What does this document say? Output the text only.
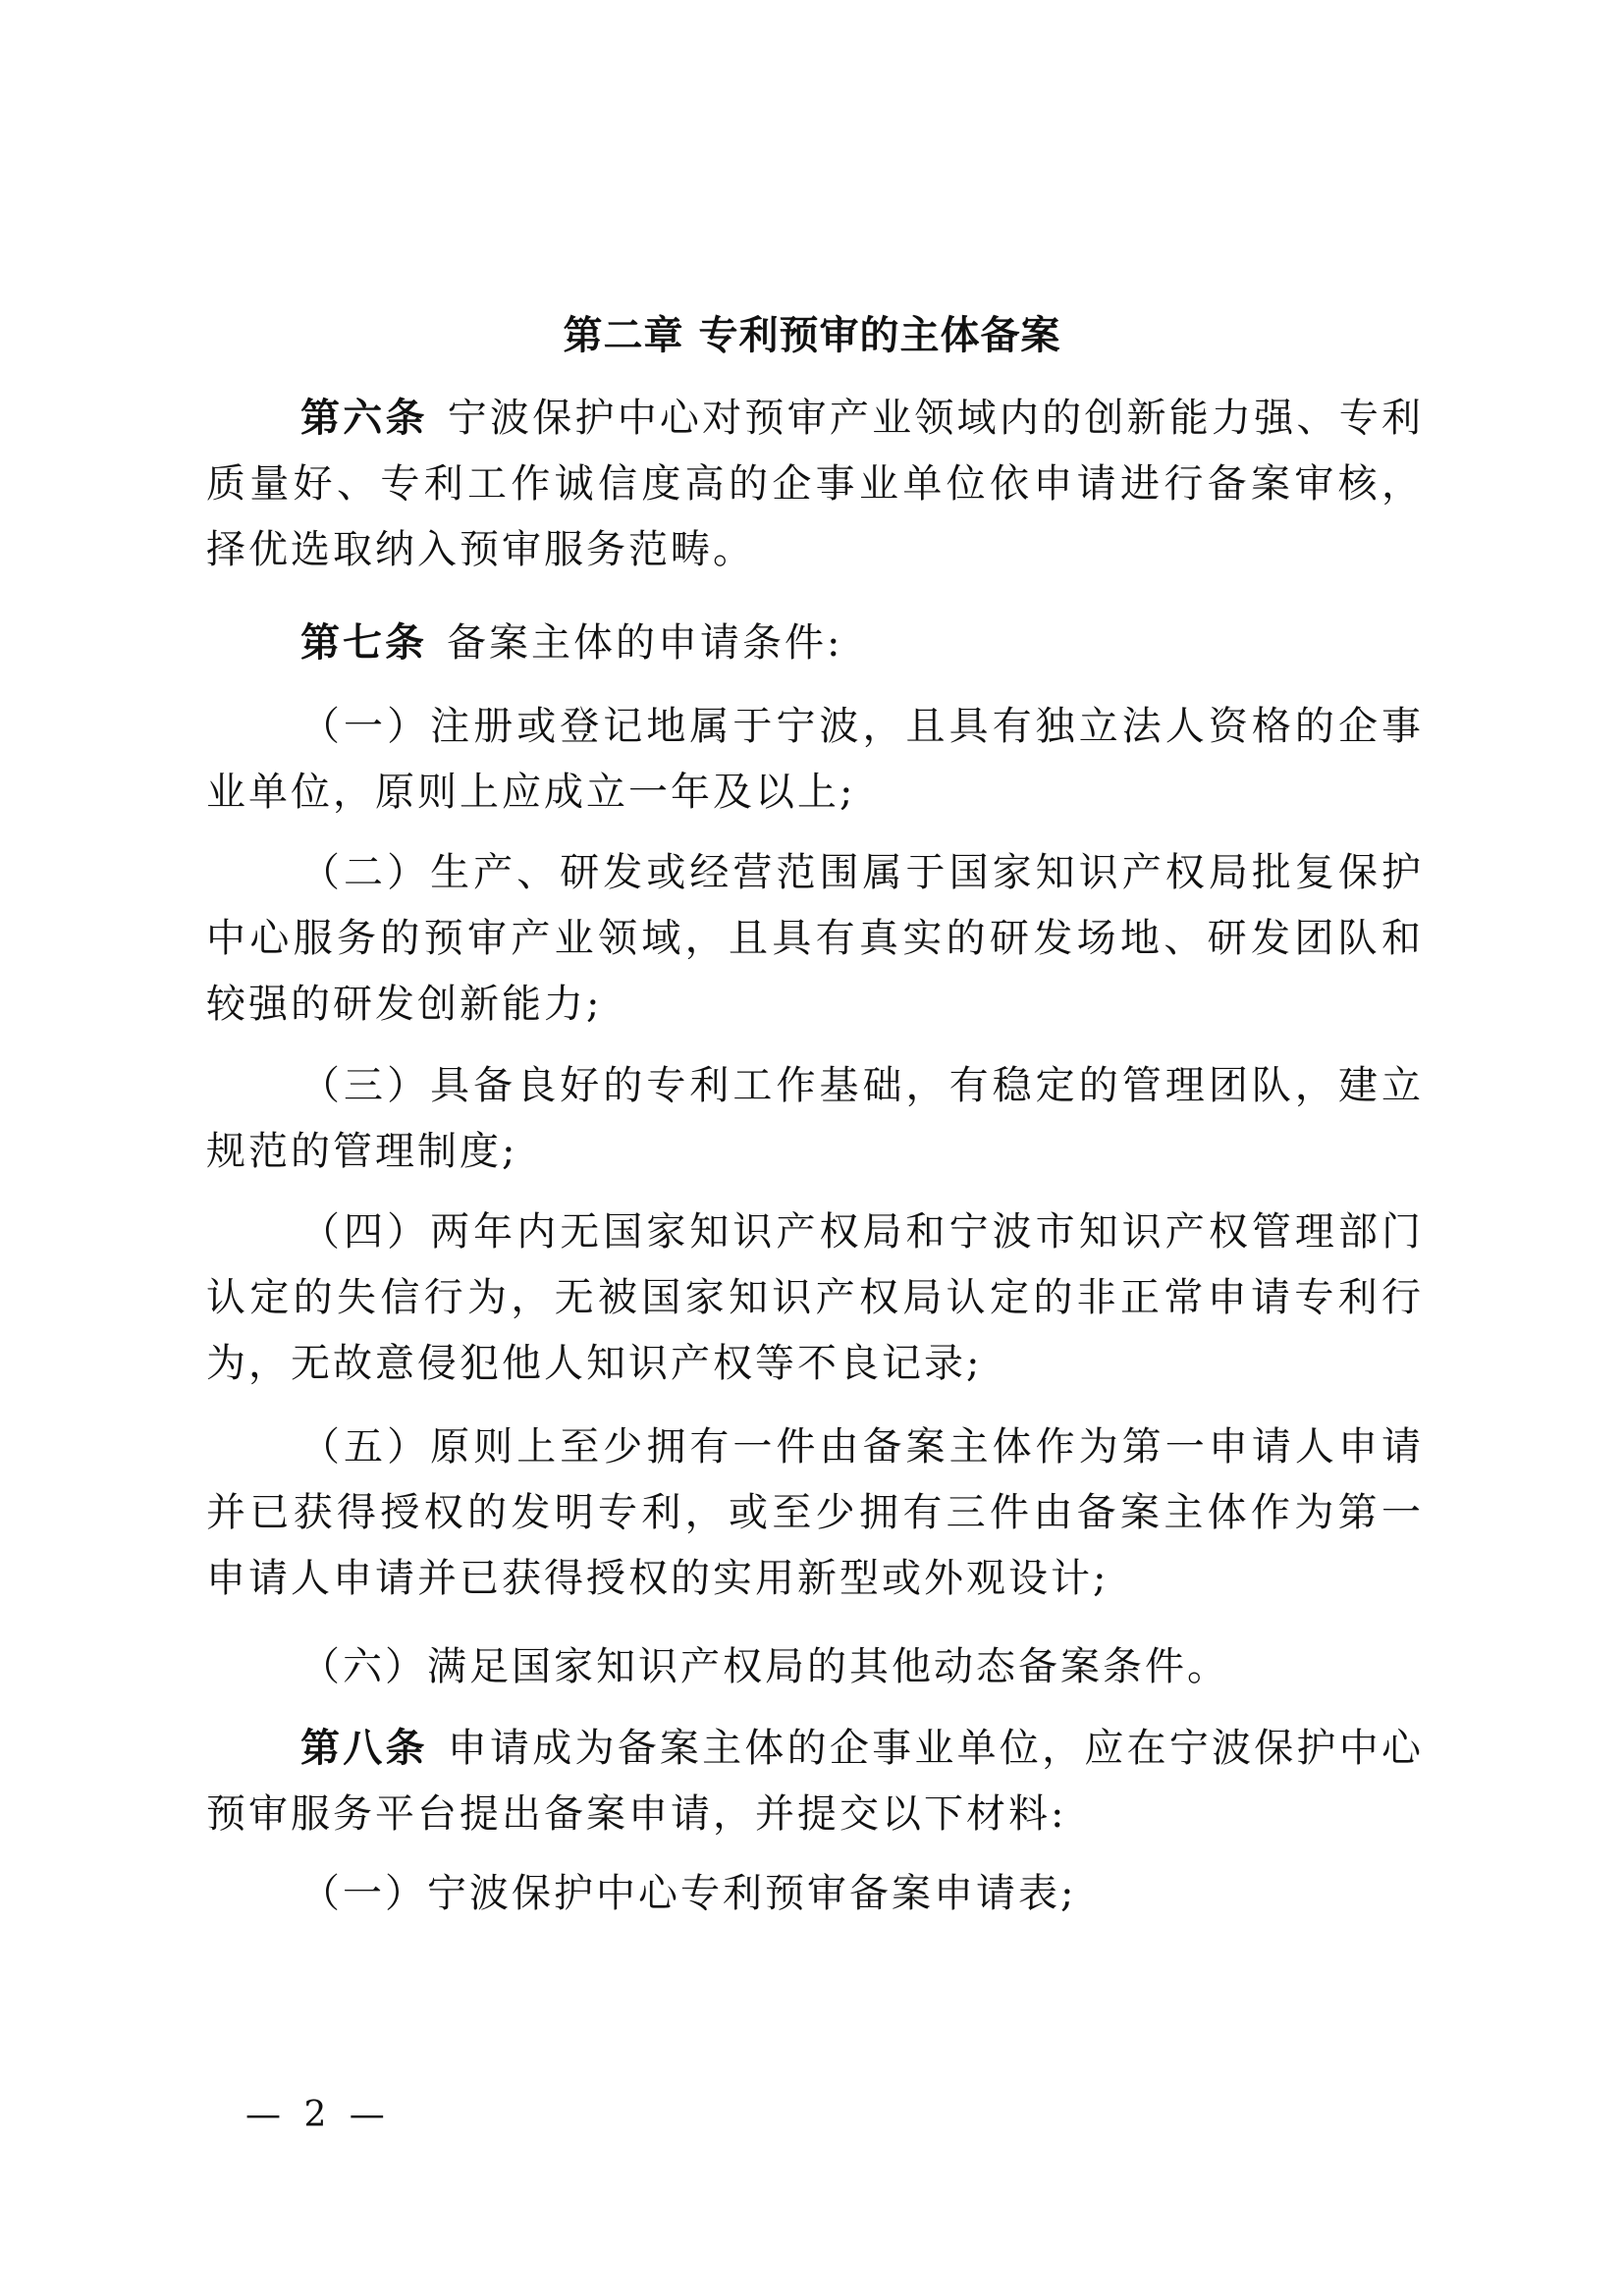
第二章 专利预审的主体备案

第六条 宁波保护中心对预审产业领域内的创新能力强、专利质量好、专利工作诚信度高的企事业单位依申请进行备案审核，择优选取纳入预审服务范畴。

第七条 备案主体的申请条件:

（一）注册或登记地属于宁波，且具有独立法人资格的企事业单位，原则上应成立一年及以上;

（二）生产、研发或经营范围属于国家知识产权局批复保护中心服务的预审产业领域，且具有真实的研发场地、研发团队和较强的研发创新能力;

（三）具备良好的专利工作基础，有稳定的管理团队，建立规范的管理制度;

（四）两年内无国家知识产权局和宁波市知识产权管理部门认定的失信行为，无被国家知识产权局认定的非正常申请专利行为，无故意侵犯他人知识产权等不良记录;

（五）原则上至少拥有一件由备案主体作为第一申请人申请并已获得授权的发明专利，或至少拥有三件由备案主体作为第一申请人申请并已获得授权的实用新型或外观设计;

（六）满足国家知识产权局的其他动态备案条件。

第八条 申请成为备案主体的企事业单位，应在宁波保护中心预审服务平台提出备案申请，并提交以下材料:

（一）宁波保护中心专利预审备案申请表;

— 2 —
